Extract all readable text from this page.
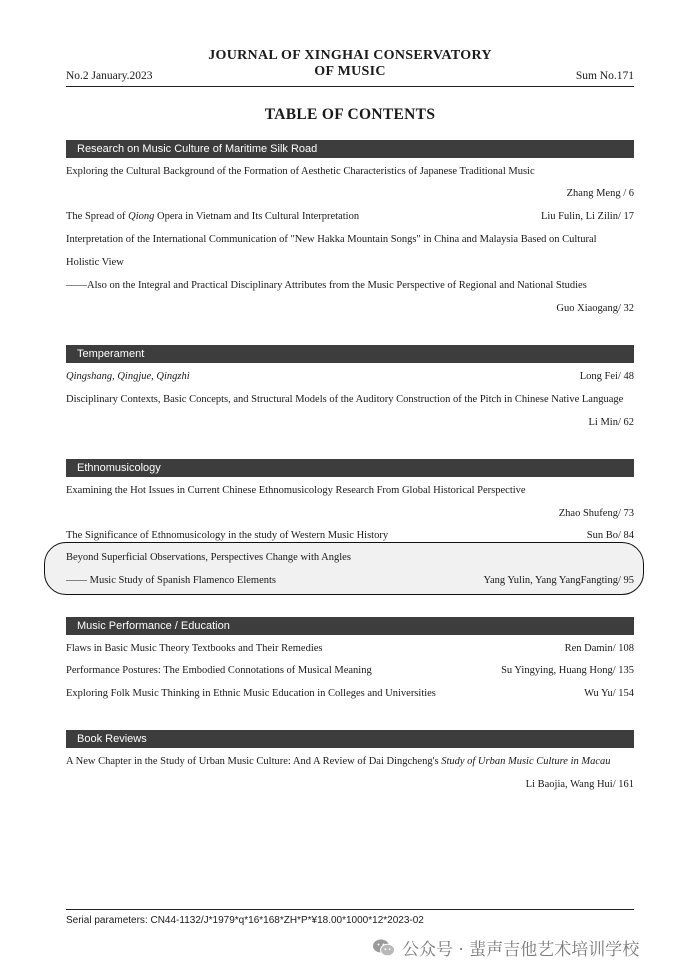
JOURNAL OF XINGHAI CONSERVATORY
OF MUSIC
No.2 January.2023	Sum No.171
TABLE OF CONTENTS
Research on Music Culture of Maritime Silk Road
Exploring the Cultural Background of the Formation of Aesthetic Characteristics of Japanese Traditional Music
Zhang Meng / 6
The Spread of Qiong Opera in Vietnam and Its Cultural Interpretation	Liu Fulin, Li Zilin/ 17
Interpretation of the International Communication of "New Hakka Mountain Songs" in China and Malaysia Based on Cultural
Holistic View
——Also on the Integral and Practical Disciplinary Attributes from the Music Perspective of Regional and National Studies
Guo Xiaogang/ 32
Temperament
Qingshang, Qingjue, Qingzhi	Long Fei/ 48
Disciplinary Contexts, Basic Concepts, and Structural Models of the Auditory Construction of the Pitch in Chinese Native Language
Li Min/ 62
Ethnomusicology
Examining the Hot Issues in Current Chinese Ethnomusicology Research From Global Historical Perspective
Zhao Shufeng/ 73
The Significance of Ethnomusicology in the study of Western Music History	Sun Bo/ 84
Beyond Superficial Observations, Perspectives Change with Angles
—— Music Study of Spanish Flamenco Elements	Yang Yulin, Yang YangFangting/ 95
Music Performance / Education
Flaws in Basic Music Theory Textbooks and Their Remedies	Ren Damin/ 108
Performance Postures: The Embodied Connotations of Musical Meaning	Su Yingying, Huang Hong/ 135
Exploring Folk Music Thinking in Ethnic Music Education in Colleges and Universities	Wu Yu/ 154
Book Reviews
A New Chapter in the Study of Urban Music Culture: And A Review of Dai Dingcheng's Study of Urban Music Culture in Macau
Li Baojia, Wang Hui/ 161
Serial parameters: CN44-1132/J*1979*q*16*168*ZH*P*¥18.00*1000*12*2023-02
公众号 · 蜚声吉他艺术培训学校
